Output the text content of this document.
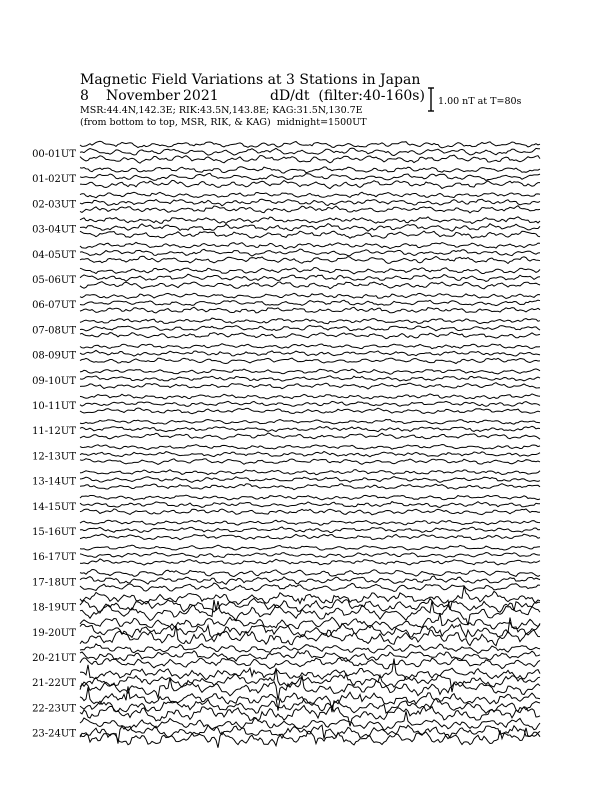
Magnetic Field Variations at 3 Stations in Japan
8 November 2021	dD/dt  (filter:40-160s)
MSR:44.4N,142.3E; RIK:43.5N,143.8E; KAG:31.5N,130.7E
(from bottom to top, MSR, RIK, & KAG)  midnight=1500UT
1.00 nT at T=80s
00-01UT
01-02UT
02-03UT
03-04UT
04-05UT
05-06UT
06-07UT
07-08UT
08-09UT
09-10UT
10-11UT
11-12UT
12-13UT
13-14UT
14-15UT
15-16UT
16-17UT
17-18UT
18-19UT
19-20UT
20-21UT
21-22UT
22-23UT
23-24UT
